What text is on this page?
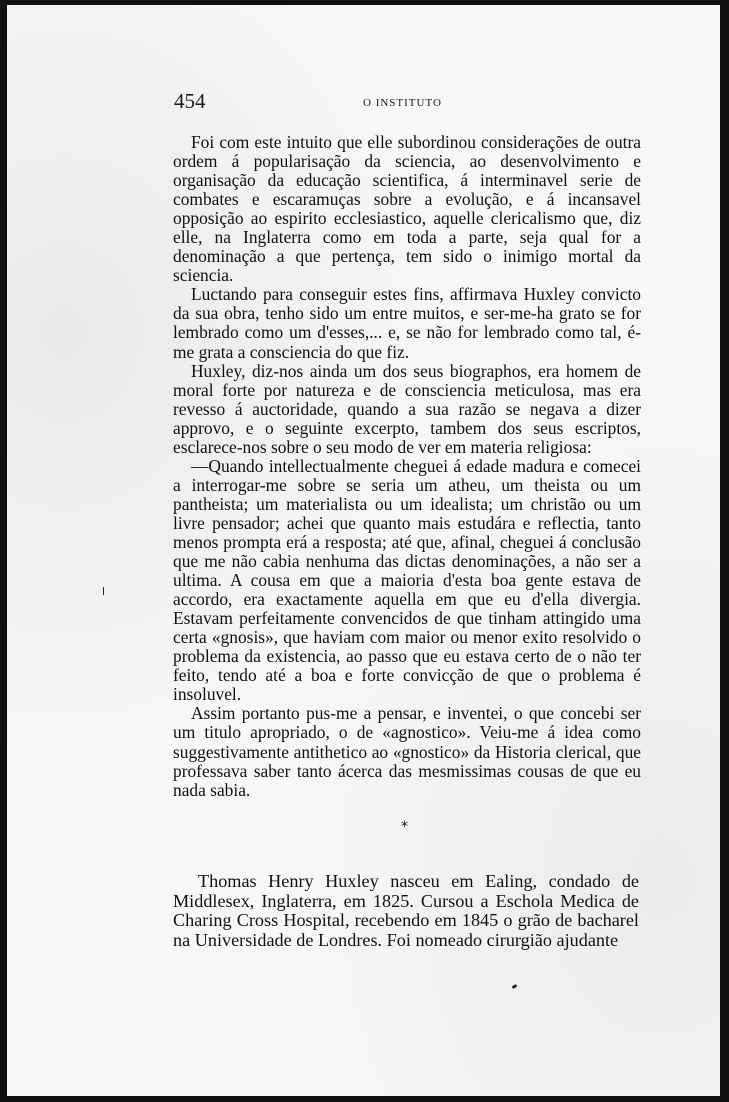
454	O INSTITUTO

Foi com este intuito que elle subordinou considerações de outra ordem á popularisação da sciencia, ao desenvolvimento e organisação da educação scientifica, á interminavel serie de combates e escaramuças sobre a evolução, e á incansavel opposição ao espirito ecclesiastico, aquelle clericalismo que, diz elle, na Inglaterra como em toda a parte, seja qual for a denominação a que pertença, tem sido o inimigo mortal da sciencia.

Luctando para conseguir estes fins, affirmava Huxley convicto da sua obra, tenho sido um entre muitos, e ser-me-ha grato se for lembrado como um d'esses,... e, se não for lembrado como tal, é-me grata a consciencia do que fiz.

Huxley, diz-nos ainda um dos seus biographos, era homem de moral forte por natureza e de consciencia meticulosa, mas era revesso á auctoridade, quando a sua razão se negava a dizer approvo, e o seguinte excerpto, tambem dos seus escriptos, esclarece-nos sobre o seu modo de ver em materia religiosa:

—Quando intellectualmente cheguei á edade madura e comecei a interrogar-me sobre se seria um atheu, um theista ou um pantheista; um materialista ou um idealista; um christão ou um livre pensador; achei que quanto mais estudára e reflectia, tanto menos prompta erá a resposta; até que, afinal, cheguei á conclusão que me não cabia nenhuma das dictas denominações, a não ser a ultima. A cousa em que a maioria d'esta boa gente estava de accordo, era exactamente aquella em que eu d'ella divergia. Estavam perfeitamente convencidos de que tinham attingido uma certa «gnosis», que haviam com maior ou menor exito resolvido o problema da existencia, ao passo que eu estava certo de o não ter feito, tendo até a boa e forte convicção de que o problema é insoluvel.

Assim portanto pus-me a pensar, e inventei, o que concebi ser um titulo apropriado, o de «agnostico». Veiu-me á idea como suggestivamente antithetico ao «gnostico» da Historia clerical, que professava saber tanto ácerca das mesmissimas cousas de que eu nada sabia.

*

Thomas Henry Huxley nasceu em Ealing, condado de Middlesex, Inglaterra, em 1825. Cursou a Eschola Medica de Charing Cross Hospital, recebendo em 1845 o grão de bacharel na Universidade de Londres. Foi nomeado cirurgião ajudante
